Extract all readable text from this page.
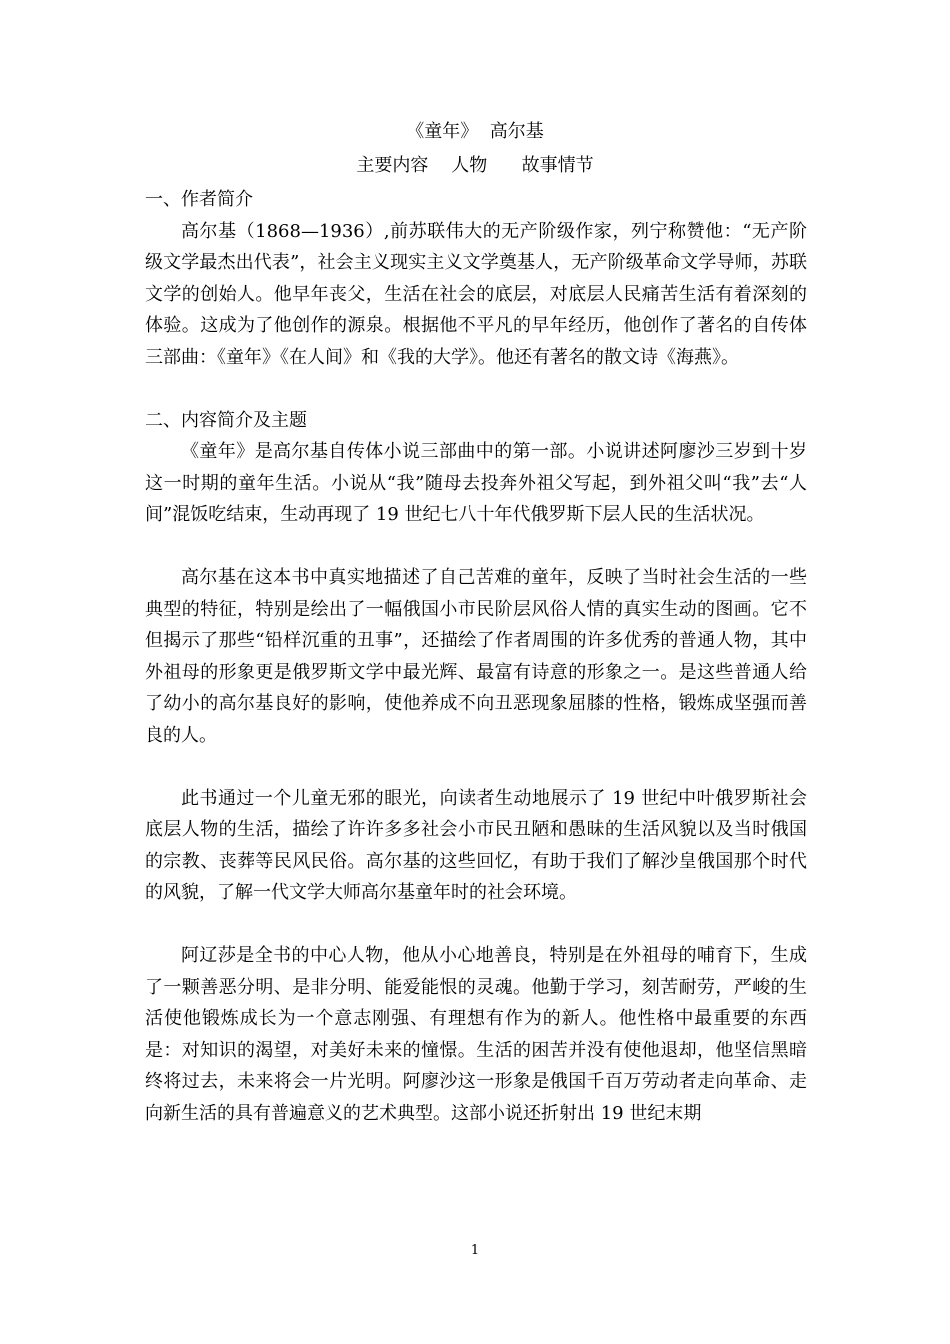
《童年》  高尔基
主要内容    人物      故事情节

一、作者简介

高尔基（1868—1936）,前苏联伟大的无产阶级作家，列宁称赞他：“无产阶级文学最杰出代表”，社会主义现实主义文学奠基人，无产阶级革命文学导师，苏联文学的创始人。他早年丧父，生活在社会的底层，对底层人民痛苦生活有着深刻的体验。这成为了他创作的源泉。根据他不平凡的早年经历，他创作了著名的自传体三部曲：《童年》《在人间》和《我的大学》。他还有著名的散文诗《海燕》。

二、内容简介及主题

《童年》是高尔基自传体小说三部曲中的第一部。小说讲述阿廖沙三岁到十岁这一时期的童年生活。小说从“我”随母去投奔外祖父写起，到外祖父叫“我”去“人间”混饭吃结束，生动再现了 19 世纪七八十年代俄罗斯下层人民的生活状况。

高尔基在这本书中真实地描述了自己苦难的童年，反映了当时社会生活的一些典型的特征，特别是绘出了一幅俄国小市民阶层风俗人情的真实生动的图画。它不但揭示了那些“铅样沉重的丑事”，还描绘了作者周围的许多优秀的普通人物，其中外祖母的形象更是俄罗斯文学中最光辉、最富有诗意的形象之一。是这些普通人给了幼小的高尔基良好的影响，使他养成不向丑恶现象屈膝的性格，锻炼成坚强而善良的人。

此书通过一个儿童无邪的眼光，向读者生动地展示了 19 世纪中叶俄罗斯社会底层人物的生活，描绘了许许多多社会小市民丑陋和愚昧的生活风貌以及当时俄国的宗教、丧葬等民风民俗。高尔基的这些回忆，有助于我们了解沙皇俄国那个时代的风貌，了解一代文学大师高尔基童年时的社会环境。

阿辽莎是全书的中心人物，他从小心地善良，特别是在外祖母的哺育下，生成了一颗善恶分明、是非分明、能爱能恨的灵魂。他勤于学习，刻苦耐劳，严峻的生活使他锻炼成长为一个意志刚强、有理想有作为的新人。他性格中最重要的东西是：对知识的渴望，对美好未来的憧憬。生活的困苦并没有使他退却，他坚信黑暗终将过去，未来将会一片光明。阿廖沙这一形象是俄国千百万劳动者走向革命、走向新生活的具有普遍意义的艺术典型。这部小说还折射出 19 世纪末期

1
